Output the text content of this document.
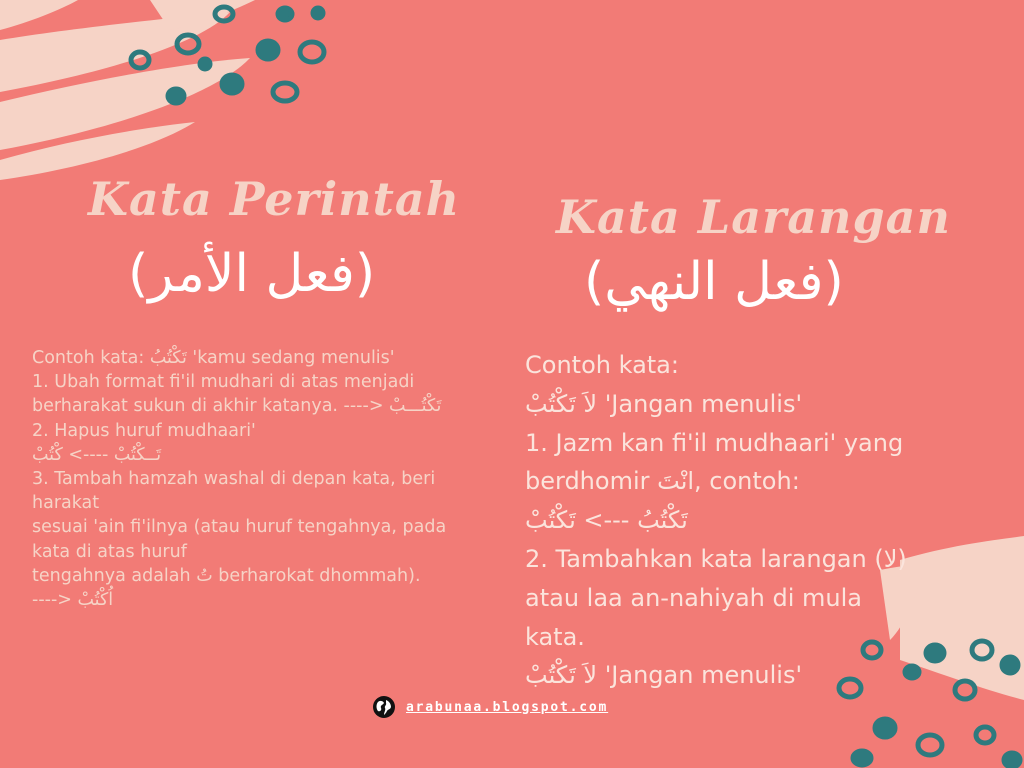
Kata Perintah
(فعل الأمر)
Contoh kata: تَكْتُبُ 'kamu sedang menulis'
1. Ubah format fi'il mudhari di atas menjadi
berharakat sukun di akhir katanya. ----> تَكْتُـــبْ
2. Hapus huruf mudhaari'
تَــكْتُبْ ----> كْتُبْ
3. Tambah hamzah washal di depan kata, beri
harakat
sesuai 'ain fi'ilnya (atau huruf tengahnya, pada
kata di atas huruf
tengahnya adalah تُ berharokat dhommah).
----> اُكْتُبْ
Kata Larangan
(فعل النهي)
Contoh kata:
لاَ تَكْتُبْ 'Jangan menulis'
1. Jazm kan fi'il mudhaari' yang
berdhomir انْتَ, contoh:
تَكْتُبُ ---> تَكْتُبْ
2. Tambahkan kata larangan (لا)
atau laa an-nahiyah di mula
kata.
لاَ تَكْتُبْ 'Jangan menulis'
arabunaa.blogspot.com
